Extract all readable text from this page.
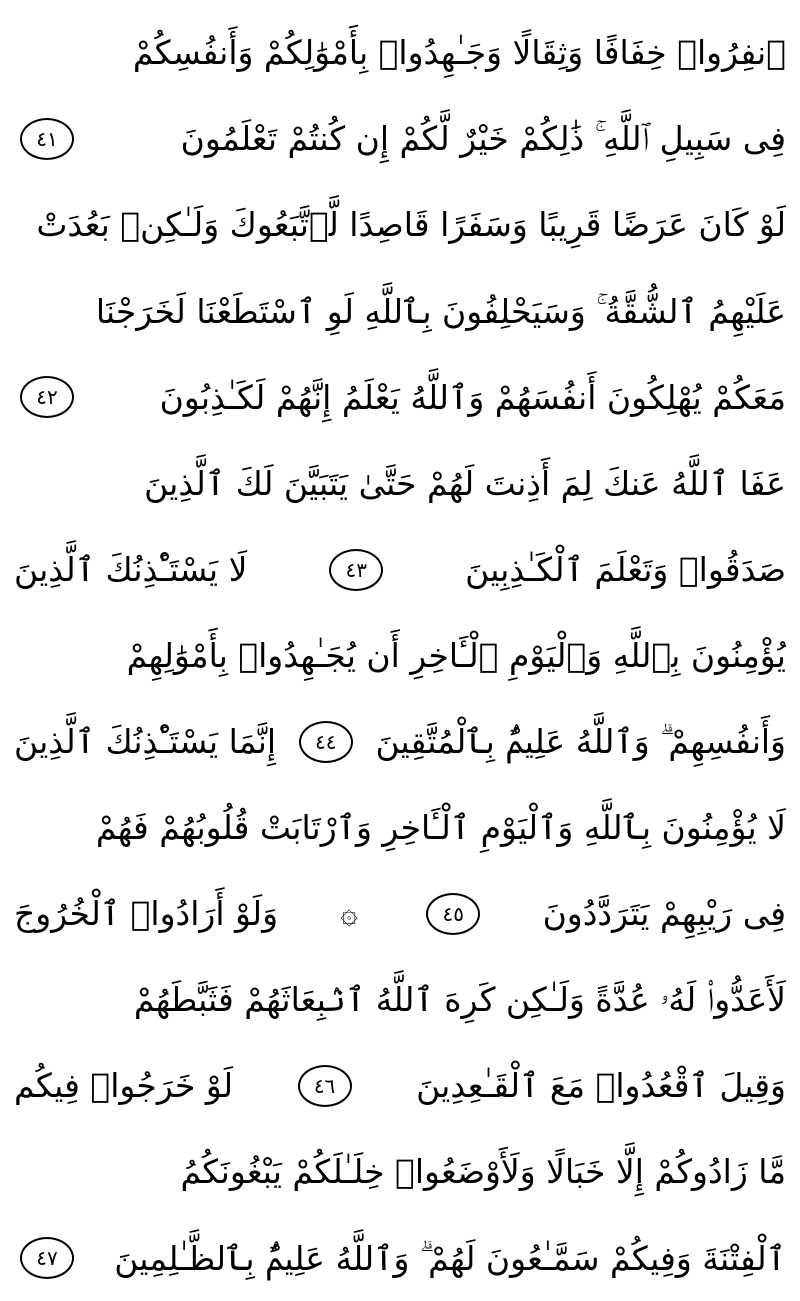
ٱنفِرُوا۟ خِفَافًا وَثِقَالًا وَجَـٰهِدُوا۟ بِأَمْوَٰلِكُمْ وَأَنفُسِكُمْ
فِى سَبِيلِ ٱللَّهِ ۚ ذَٰلِكُمْ خَيْرٌ لَّكُمْ إِن كُنتُمْ تَعْلَمُونَ
٤١
لَوْ كَانَ عَرَضًا قَرِيبًا وَسَفَرًا قَاصِدًا لَّٱتَّبَعُوكَ وَلَـٰكِنۢ بَعُدَتْ
عَلَيْهِمُ ٱلشُّقَّةُ ۚ وَسَيَحْلِفُونَ بِٱللَّهِ لَوِ ٱسْتَطَعْنَا لَخَرَجْنَا
مَعَكُمْ يُهْلِكُونَ أَنفُسَهُمْ وَٱللَّهُ يَعْلَمُ إِنَّهُمْ لَكَـٰذِبُونَ
٤٢
عَفَا ٱللَّهُ عَنكَ لِمَ أَذِنتَ لَهُمْ حَتَّىٰ يَتَبَيَّنَ لَكَ ٱلَّذِينَ
صَدَقُوا۟ وَتَعْلَمَ ٱلْكَـٰذِبِينَ
٤٣
لَا يَسْتَـْٔذِنُكَ ٱلَّذِينَ
يُؤْمِنُونَ بِٱللَّهِ وَٱلْيَوْمِ ٱلْـَٔاخِرِ أَن يُجَـٰهِدُوا۟ بِأَمْوَٰلِهِمْ
وَأَنفُسِهِمْ ۗ وَٱللَّهُ عَلِيمٌۢ بِٱلْمُتَّقِينَ
٤٤
إِنَّمَا يَسْتَـْٔذِنُكَ ٱلَّذِينَ
لَا يُؤْمِنُونَ بِٱللَّهِ وَٱلْيَوْمِ ٱلْـَٔاخِرِ وَٱرْتَابَتْ قُلُوبُهُمْ فَهُمْ
فِى رَيْبِهِمْ يَتَرَدَّدُونَ
٤٥
۞
وَلَوْ أَرَادُوا۟ ٱلْخُرُوجَ
لَأَعَدُّوا۟ لَهُۥ عُدَّةً وَلَـٰكِن كَرِهَ ٱللَّهُ ٱنۢبِعَاثَهُمْ فَثَبَّطَهُمْ
وَقِيلَ ٱقْعُدُوا۟ مَعَ ٱلْقَـٰعِدِينَ
٤٦
لَوْ خَرَجُوا۟ فِيكُم
مَّا زَادُوكُمْ إِلَّا خَبَالًا وَلَأَوْضَعُوا۟ خِلَـٰلَكُمْ يَبْغُونَكُمُ
ٱلْفِتْنَةَ وَفِيكُمْ سَمَّـٰعُونَ لَهُمْ ۗ وَٱللَّهُ عَلِيمٌۢ بِٱلظَّـٰلِمِينَ
٤٧
